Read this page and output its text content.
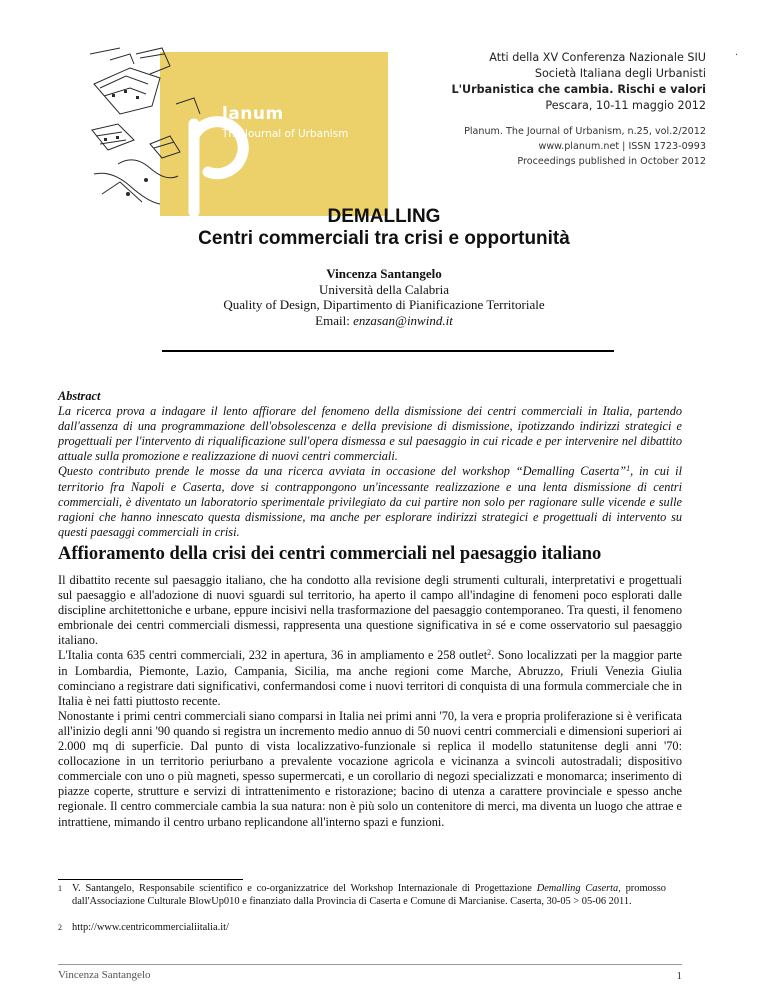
lanum
The Journal of Urbanism
·
Atti della XV Conferenza Nazionale SIU
Società Italiana degli Urbanisti
L'Urbanistica che cambia. Rischi e valori
Pescara, 10-11 maggio 2012
Planum. The Journal of Urbanism, n.25, vol.2/2012
www.planum.net | ISSN 1723-0993
Proceedings published in October 2012
DEMALLING
Centri commerciali tra crisi e opportunità
Vincenza Santangelo
Università della Calabria
Quality of Design, Dipartimento di Pianificazione Territoriale
Email: enzasan@inwind.it

Abstract

La ricerca prova a indagare il lento affiorare del fenomeno della dismissione dei centri commerciali in Italia, partendo dall'assenza di una programmazione dell'obsolescenza e della previsione di dismissione, ipotizzando indirizzi strategici e progettuali per l'intervento di riqualificazione sull'opera dismessa e sul paesaggio in cui ricade e per intervenire nel dibattito attuale sulla promozione e realizzazione di nuovi centri commerciali.

Questo contributo prende le mosse da una ricerca avviata in occasione del workshop “Demalling Caserta”$^1$, in cui il territorio fra Napoli e Caserta, dove si contrappongono un'incessante realizzazione e una lenta dismissione di centri commerciali, è diventato un laboratorio sperimentale privilegiato da cui partire non solo per ragionare sulle vicende e sulle ragioni che hanno innescato questa dismissione, ma anche per esplorare indirizzi strategici e progettuali di intervento su questi paesaggi commerciali in crisi.

Affioramento della crisi dei centri commerciali nel paesaggio italiano

Il dibattito recente sul paesaggio italiano, che ha condotto alla revisione degli strumenti culturali, interpretativi e progettuali sul paesaggio e all'adozione di nuovi sguardi sul territorio, ha aperto il campo all'indagine di fenomeni poco esplorati dalle discipline architettoniche e urbane, eppure incisivi nella trasformazione del paesaggio contemporaneo. Tra questi, il fenomeno embrionale dei centri commerciali dismessi, rappresenta una questione significativa in sé e come osservatorio sul paesaggio italiano.

L'Italia conta 635 centri commerciali, 232 in apertura, 36 in ampliamento e 258 outlet$^2$. Sono localizzati per la maggior parte in Lombardia, Piemonte, Lazio, Campania, Sicilia, ma anche regioni come Marche, Abruzzo, Friuli Venezia Giulia cominciano a registrare dati significativi, confermandosi come i nuovi territori di conquista di una formula commerciale che in Italia è nei fatti piuttosto recente.

Nonostante i primi centri commerciali siano comparsi in Italia nei primi anni '70, la vera e propria proliferazione si è verificata all'inizio degli anni '90 quando si registra un incremento medio annuo di 50 nuovi centri commerciali e dimensioni superiori ai 2.000 mq di superficie. Dal punto di vista localizzativo-funzionale si replica il modello statunitense degli anni '70: collocazione in un territorio periurbano a prevalente vocazione agricola e vicinanza a svincoli autostradali; dispositivo commerciale con uno o più magneti, spesso supermercati, e un corollario di negozi specializzati e monomarca; inserimento di piazze coperte, strutture e servizi di intrattenimento e ristorazione; bacino di utenza a carattere provinciale e spesso anche regionale. Il centro commerciale cambia la sua natura: non è più solo un contenitore di merci, ma diventa un luogo che attrae e intrattiene, mimando il centro urbano replicandone all'interno spazi e funzioni.

1 V. Santangelo, Responsabile scientifico e co-organizzatrice del Workshop Internazionale di Progettazione Demalling Caserta, promosso dall'Associazione Culturale BlowUp010 e finanziato dalla Provincia di Caserta e Comune di Marcianise. Caserta, 30-05 > 05-06 2011.
2 http://www.centricommercialiitalia.it/
Vincenza Santangelo	1
